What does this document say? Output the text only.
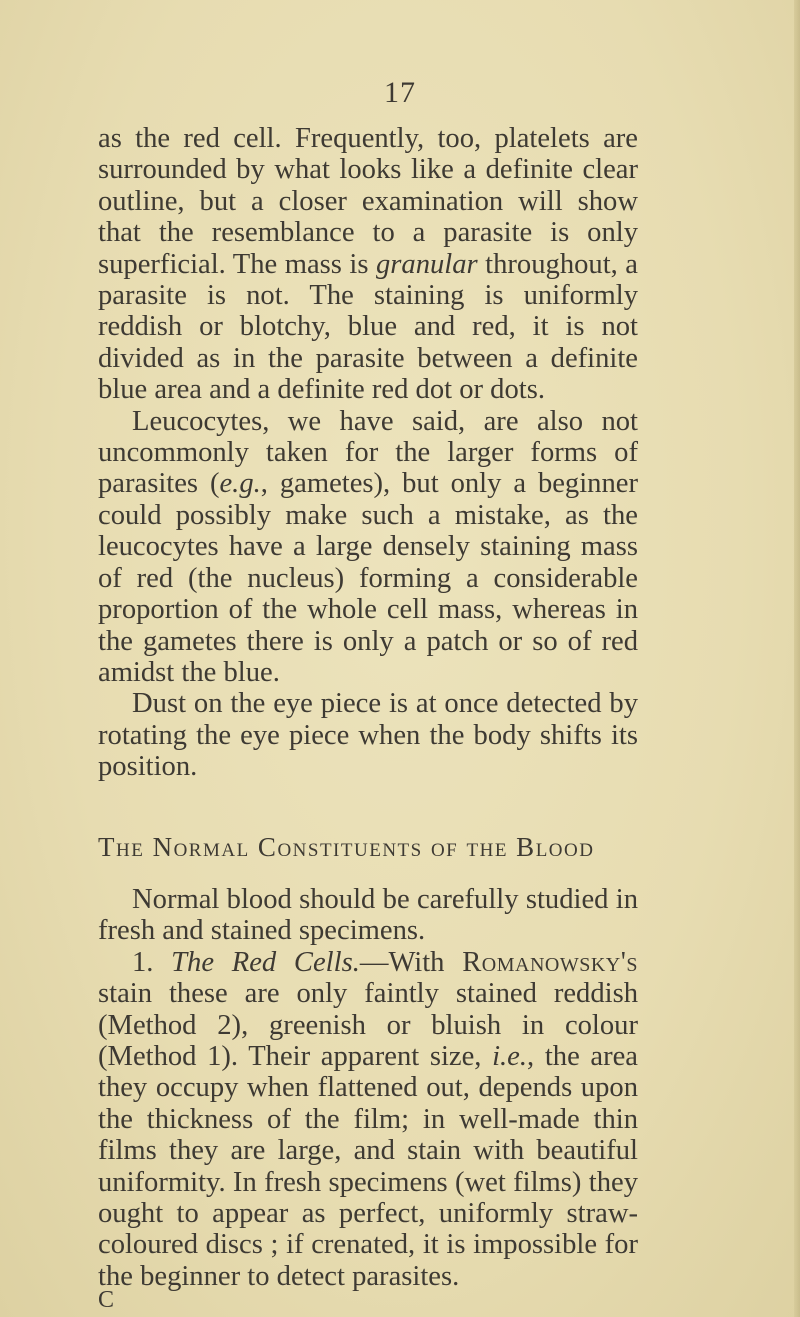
17

as the red cell. Frequently, too, platelets are surrounded by what looks like a definite clear outline, but a closer examination will show that the resemblance to a parasite is only superficial. The mass is granular throughout, a parasite is not. The staining is uniformly reddish or blotchy, blue and red, it is not divided as in the parasite between a definite blue area and a definite red dot or dots.

Leucocytes, we have said, are also not uncommonly taken for the larger forms of parasites (e.g., gametes), but only a beginner could possibly make such a mistake, as the leucocytes have a large densely staining mass of red (the nucleus) forming a considerable proportion of the whole cell mass, whereas in the gametes there is only a patch or so of red amidst the blue.

Dust on the eye piece is at once detected by rotating the eye piece when the body shifts its position.

The Normal Constituents of the Blood

Normal blood should be carefully studied in fresh and stained specimens.

1. The Red Cells.—With Romanowsky's stain these are only faintly stained reddish (Method 2), greenish or bluish in colour (Method 1). Their apparent size, i.e., the area they occupy when flattened out, depends upon the thickness of the film; in well-made thin films they are large, and stain with beautiful uniformity. In fresh specimens (wet films) they ought to appear as perfect, uniformly straw-coloured discs ; if crenated, it is impossible for the beginner to detect parasites.

C
